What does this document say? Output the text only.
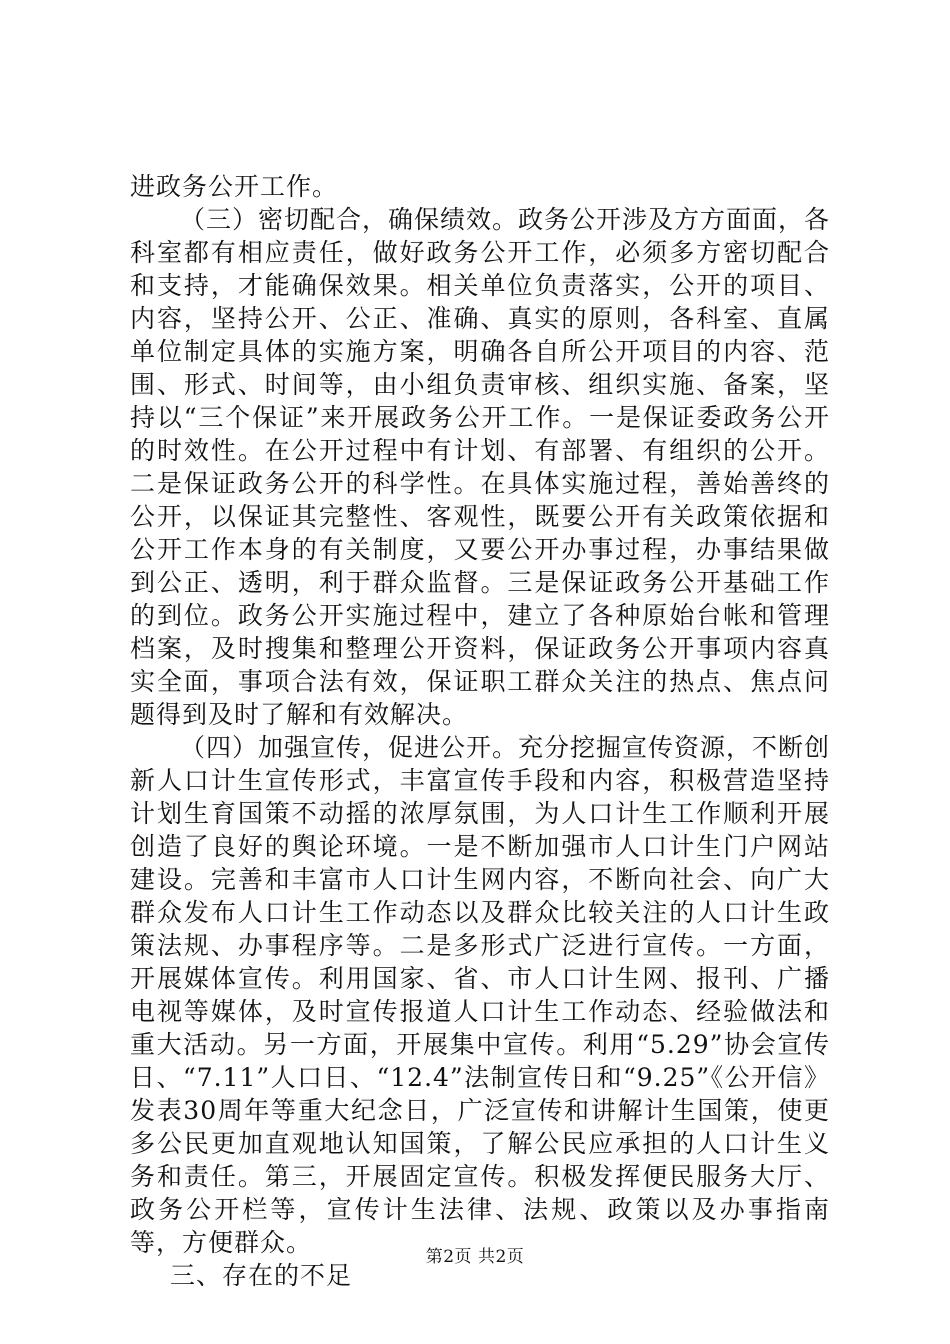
进政务公开工作。

（三）密切配合，确保绩效。政务公开涉及方方面面，各科室都有相应责任，做好政务公开工作，必须多方密切配合和支持，才能确保效果。相关单位负责落实，公开的项目、内容，坚持公开、公正、准确、真实的原则，各科室、直属单位制定具体的实施方案，明确各自所公开项目的内容、范围、形式、时间等，由小组负责审核、组织实施、备案，坚持以“三个保证”来开展政务公开工作。一是保证委政务公开的时效性。在公开过程中有计划、有部署、有组织的公开。二是保证政务公开的科学性。在具体实施过程，善始善终的公开，以保证其完整性、客观性，既要公开有关政策依据和公开工作本身的有关制度，又要公开办事过程，办事结果做到公正、透明，利于群众监督。三是保证政务公开基础工作的到位。政务公开实施过程中，建立了各种原始台帐和管理档案，及时搜集和整理公开资料，保证政务公开事项内容真实全面，事项合法有效，保证职工群众关注的热点、焦点问题得到及时了解和有效解决。

（四）加强宣传，促进公开。充分挖掘宣传资源，不断创新人口计生宣传形式，丰富宣传手段和内容，积极营造坚持计划生育国策不动摇的浓厚氛围，为人口计生工作顺利开展创造了良好的舆论环境。一是不断加强市人口计生门户网站建设。完善和丰富市人口计生网内容，不断向社会、向广大群众发布人口计生工作动态以及群众比较关注的人口计生政策法规、办事程序等。二是多形式广泛进行宣传。一方面，开展媒体宣传。利用国家、省、市人口计生网、报刊、广播电视等媒体，及时宣传报道人口计生工作动态、经验做法和重大活动。另一方面，开展集中宣传。利用“5.29”协会宣传日、“7.11”人口日、“12.4”法制宣传日和“9.25”《公开信》发表30周年等重大纪念日，广泛宣传和讲解计生国策，使更多公民更加直观地认知国策，了解公民应承担的人口计生义务和责任。第三，开展固定宣传。积极发挥便民服务大厅、政务公开栏等，宣传计生法律、法规、政策以及办事指南等，方便群众。

三、存在的不足

第2页 共2页
